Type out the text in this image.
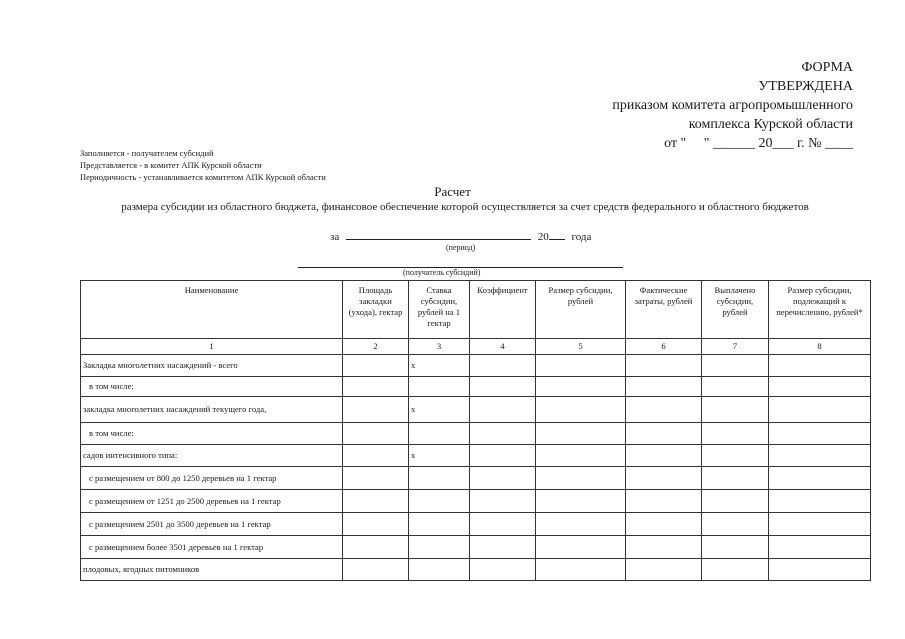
ФОРМА
УТВЕРЖДЕНА
приказом комитета агропромышленного
комплекса Курской области
от "     " ______ 20___ г. № ____
Заполняется - получателем субсидий
Представляется - в комитет АПК Курской области
Периодичность - устанавливается комитетом АПК Курской области
Расчет
размера субсидии из областного бюджета, финансовое обеспечение которой осуществляется за счет средств федерального и областного бюджетов
за	20 года
(период)
(получатель субсидий)
Наименование	Площадь закладки (ухода), гектар	Ставка субсидии, рублей на 1 гектар	Коэффициент	Размер субсидии, рублей	Фактические затраты, рублей	Выплачено субсидии, рублей	Размер субсидии, подлежащий к перечислению, рублей*
1	2	3	4	5	6	7	8
Закладка многолетних насаждений - всего		х					
в том числе:							
закладка многолетних насаждений текущего года,		х					
в том числе:							
садов интенсивного типа:		х					
с размещением от 800 до 1250 деревьев на 1 гектар							
с размещением от 1251 до 2500 деревьев на 1 гектар							
с размещением 2501 до 3500 деревьев на 1 гектар							
с размещением более 3501 деревьев на 1 гектар							
плодовых, ягодных питомников							
